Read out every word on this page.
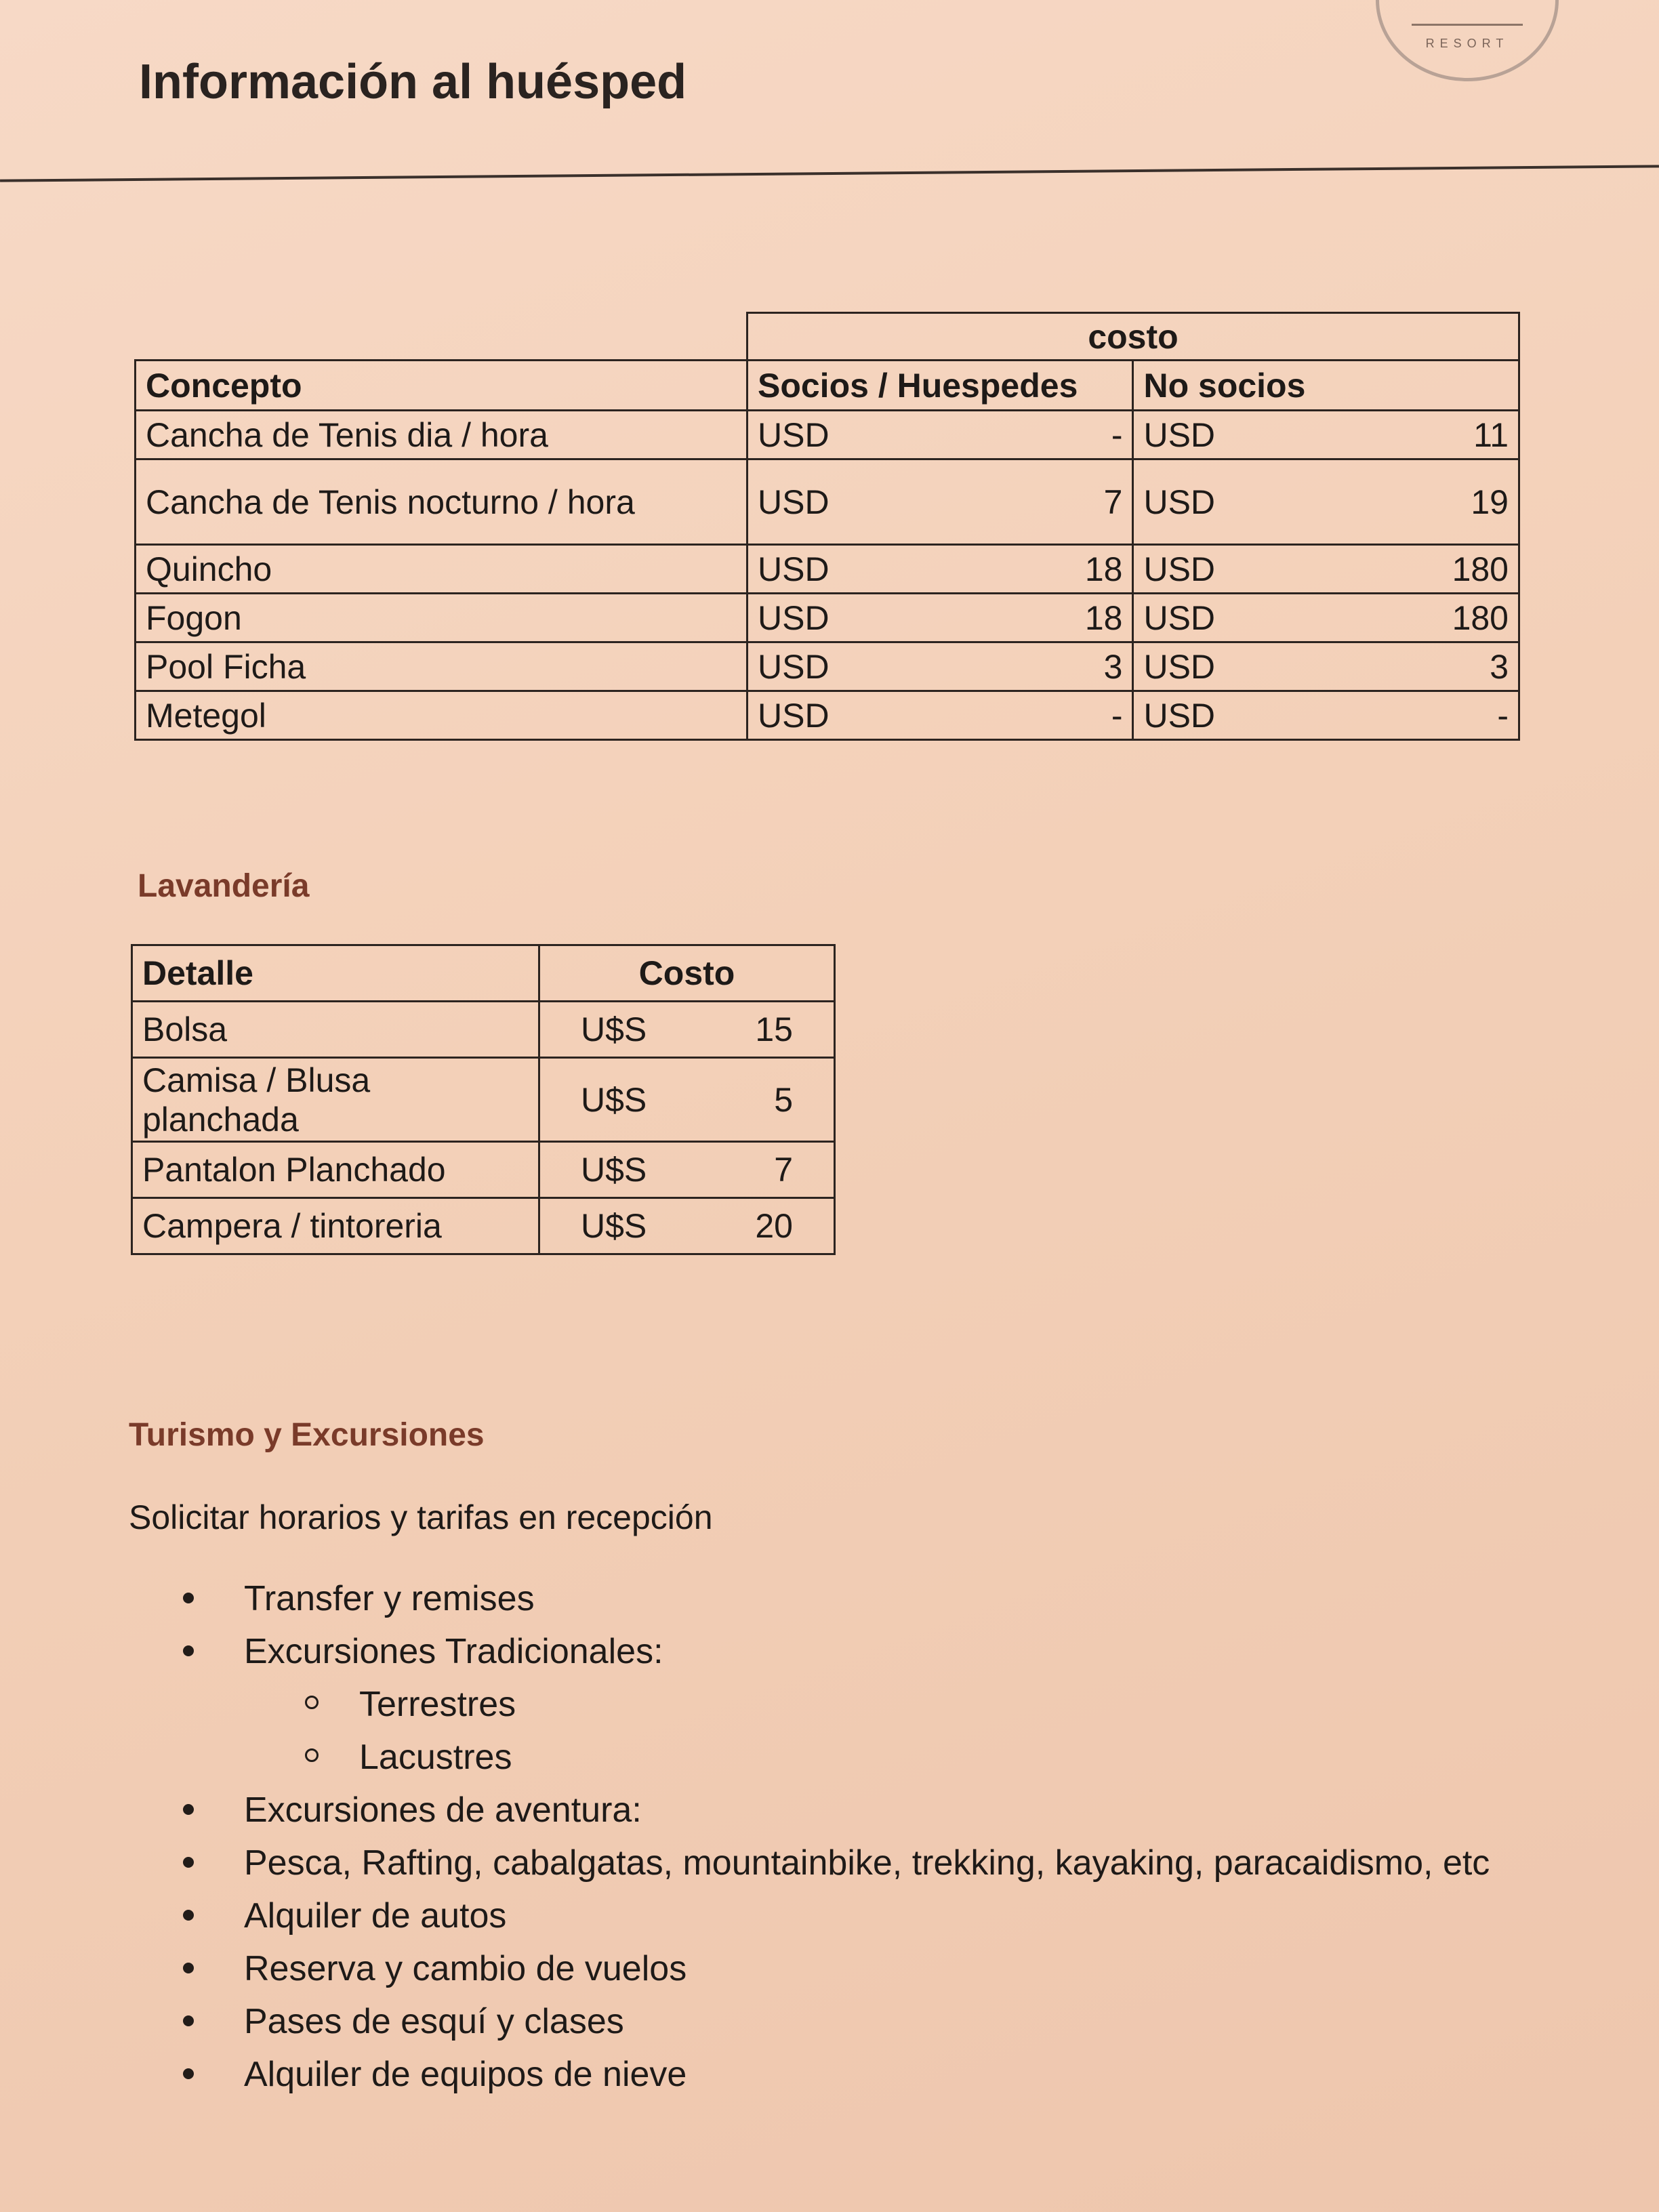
RESORT
Información al huésped
	costo			
Concepto	Socios / Huespedes		No socios	
Cancha de Tenis dia / hora	USD	-	USD	11
Cancha de Tenis nocturno / hora	USD	7	USD	19
Quincho	USD	18	USD	180
Fogon	USD	18	USD	180
Pool Ficha	USD	3	USD	3
Metegol	USD	-	USD	-
Lavandería
Detalle	Costo	
Bolsa	U$S	15
Camisa / Blusa planchada	U$S	5
Pantalon Planchado	U$S	7
Campera / tintoreria	U$S	20
Turismo y Excursiones
Solicitar horarios y tarifas en recepción
Transfer y remises
Excursiones Tradicionales:
Terrestres
Lacustres
Excursiones de aventura:
Pesca, Rafting, cabalgatas, mountainbike, trekking, kayaking, paracaidismo, etc
Alquiler de autos
Reserva y cambio de vuelos
Pases de esquí y clases
Alquiler de equipos de nieve
